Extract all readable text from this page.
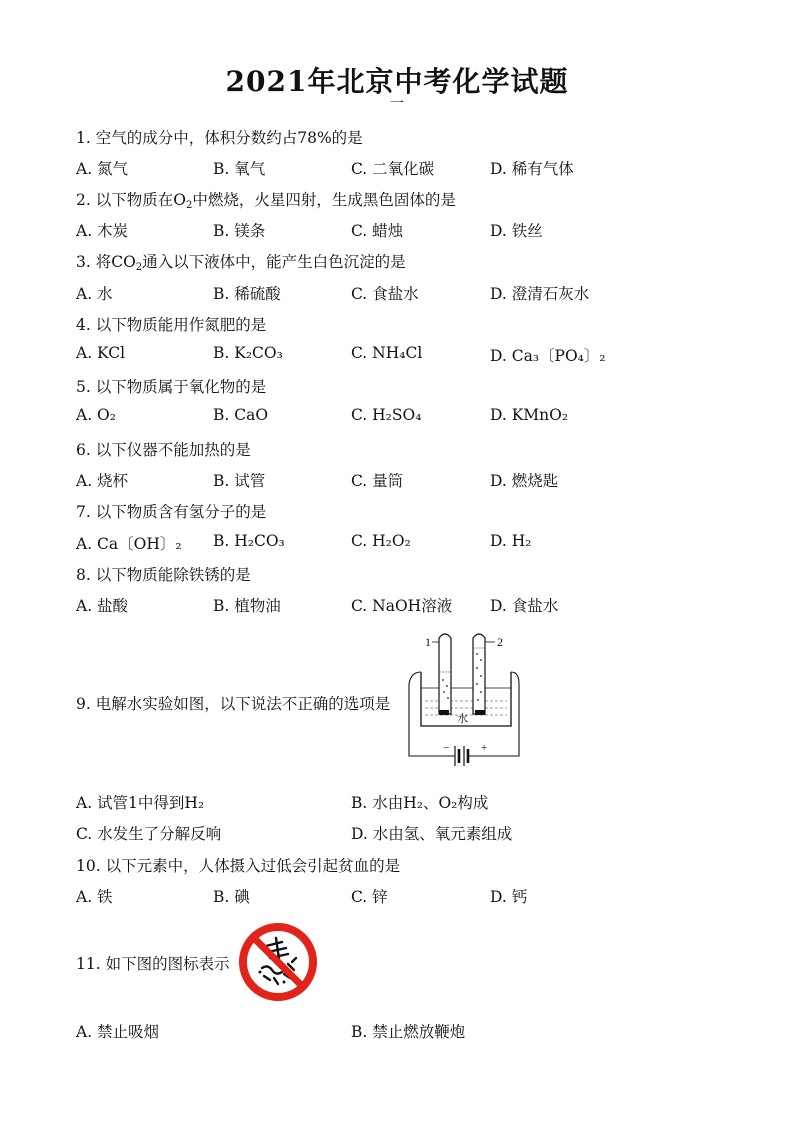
2021年北京中考化学试题
一
1. 空气的成分中，体积分数约占78%的是
A. 氮气	B. 氧气	C. 二氧化碳	D. 稀有气体
2. 以下物质在$O_2$中燃烧，火星四射，生成黑色固体的是
A. 木炭	B. 镁条	C. 蜡烛	D. 铁丝
3. 将$CO_2$通入以下液体中，能产生白色沉淀的是
A. 水	B. 稀硫酸	C. 食盐水	D. 澄清石灰水
4. 以下物质能用作氮肥的是
A. KCl	B. K₂CO₃	C. NH₄Cl	D. Ca₃〔PO₄〕₂
5. 以下物质属于氧化物的是
A. O₂	B. CaO	C. H₂SO₄	D. KMnO₂
6. 以下仪器不能加热的是
A. 烧杯	B. 试管	C. 量筒	D. 燃烧匙
7. 以下物质含有氢分子的是
A. Ca〔OH〕₂ B. H₂CO₃	C. H₂O₂	D. H₂
8. 以下物质能除铁锈的是
A. 盐酸	B. 植物油	C. NaOH溶液 D. 食盐水
9. 电解水实验如图，以下说法不正确的选项是
1	2
水
−	+
A. 试管1中得到H₂	B. 水由H₂、O₂构成
C. 水发生了分解反响	D. 水由氢、氧元素组成
10. 以下元素中，人体摄入过低会引起贫血的是
A. 铁	B. 碘	C. 锌	D. 钙
11. 如下图的图标表示
A. 禁止吸烟	B. 禁止燃放鞭炮
